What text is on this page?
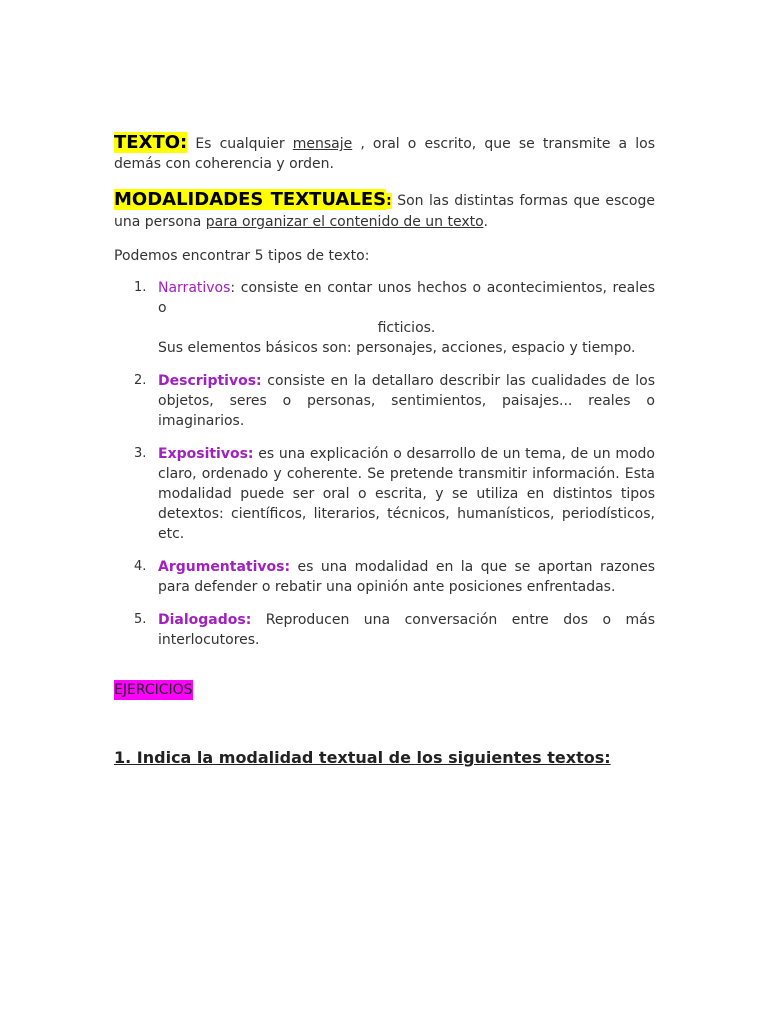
TEXTO: Es cualquier mensaje , oral o escrito, que se transmite a los demás con coherencia y orden.
MODALIDADES TEXTUALES: Son las distintas formas que escoge una persona para organizar el contenido de un texto.
Podemos encontrar 5 tipos de texto:
1. Narrativos: consiste en contar unos hechos o acontecimientos, reales o
ficticios.
Sus elementos básicos son: personajes, acciones, espacio y tiempo.
2. Descriptivos: consiste en la detallaro describir las cualidades de los objetos, seres o personas, sentimientos, paisajes... reales o imaginarios.
3. Expositivos: es una explicación o desarrollo de un tema, de un modo claro, ordenado y coherente. Se pretende transmitir información. Esta modalidad puede ser oral o escrita, y se utiliza en distintos tipos detextos: científicos, literarios, técnicos, humanísticos, periodísticos, etc.
4. Argumentativos: es una modalidad en la que se aportan razones para defender o rebatir una opinión ante posiciones enfrentadas.
5. Dialogados: Reproducen una conversación entre dos o más interlocutores.
EJERCICIOS
1. Indica la modalidad textual de los siguientes textos:
